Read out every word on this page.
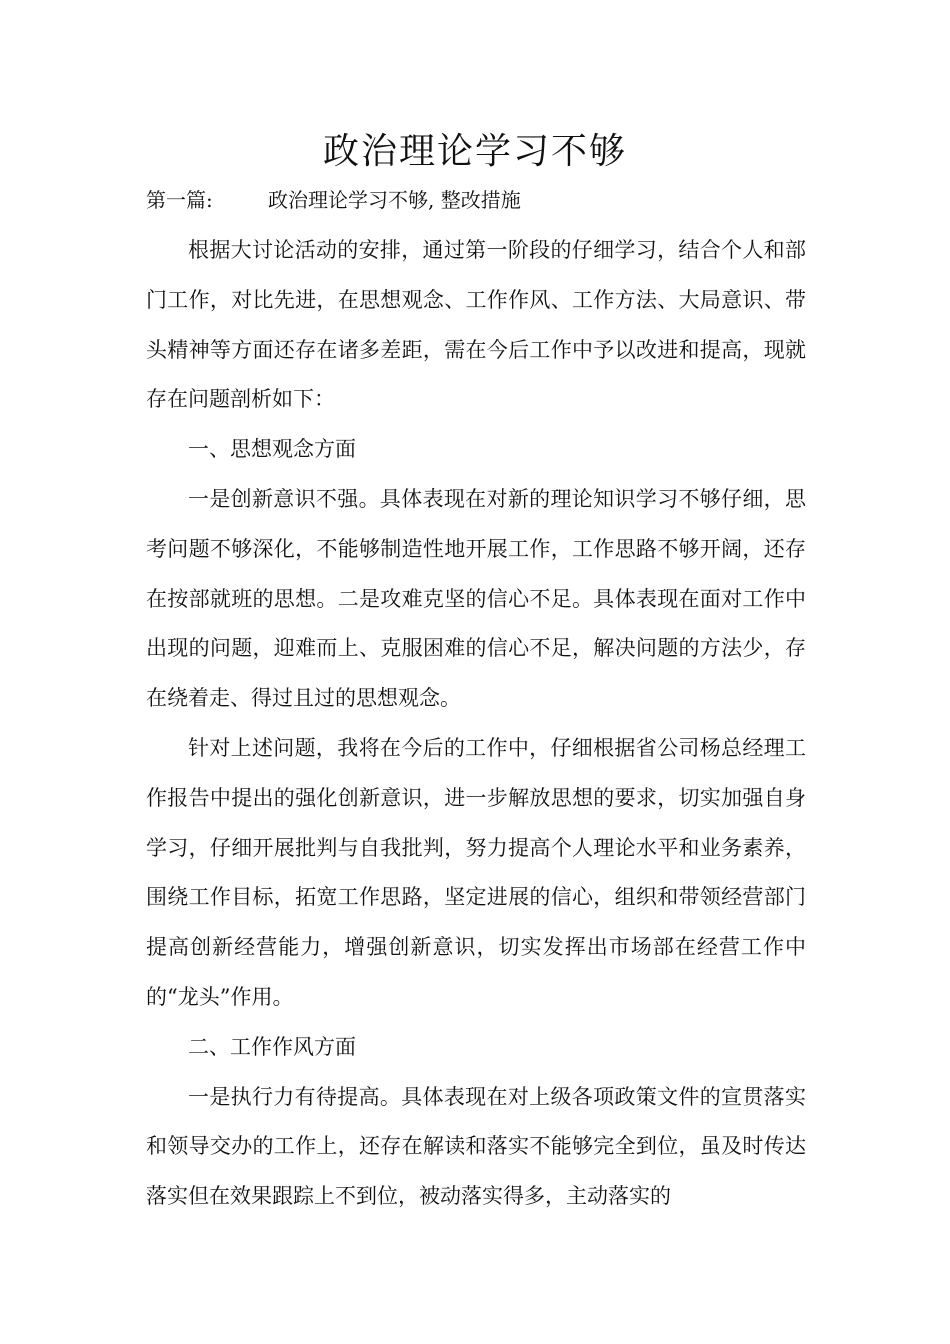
政治理论学习不够
第一篇:	政治理论学习不够, 整改措施

根据大讨论活动的安排，通过第一阶段的仔细学习，结合个人和部门工作，对比先进，在思想观念、工作作风、工作方法、大局意识、带头精神等方面还存在诸多差距，需在今后工作中予以改进和提高，现就存在问题剖析如下：

一、思想观念方面

一是创新意识不强。具体表现在对新的理论知识学习不够仔细，思考问题不够深化，不能够制造性地开展工作，工作思路不够开阔，还存在按部就班的思想。二是攻难克坚的信心不足。具体表现在面对工作中出现的问题，迎难而上、克服困难的信心不足，解决问题的方法少，存在绕着走、得过且过的思想观念。

针对上述问题，我将在今后的工作中，仔细根据省公司杨总经理工作报告中提出的强化创新意识，进一步解放思想的要求，切实加强自身学习，仔细开展批判与自我批判，努力提高个人理论水平和业务素养，围绕工作目标，拓宽工作思路，坚定进展的信心，组织和带领经营部门提高创新经营能力，增强创新意识，切实发挥出市场部在经营工作中的“龙头”作用。

二、工作作风方面

一是执行力有待提高。具体表现在对上级各项政策文件的宣贯落实和领导交办的工作上，还存在解读和落实不能够完全到位，虽及时传达落实但在效果跟踪上不到位，被动落实得多，主动落实的
